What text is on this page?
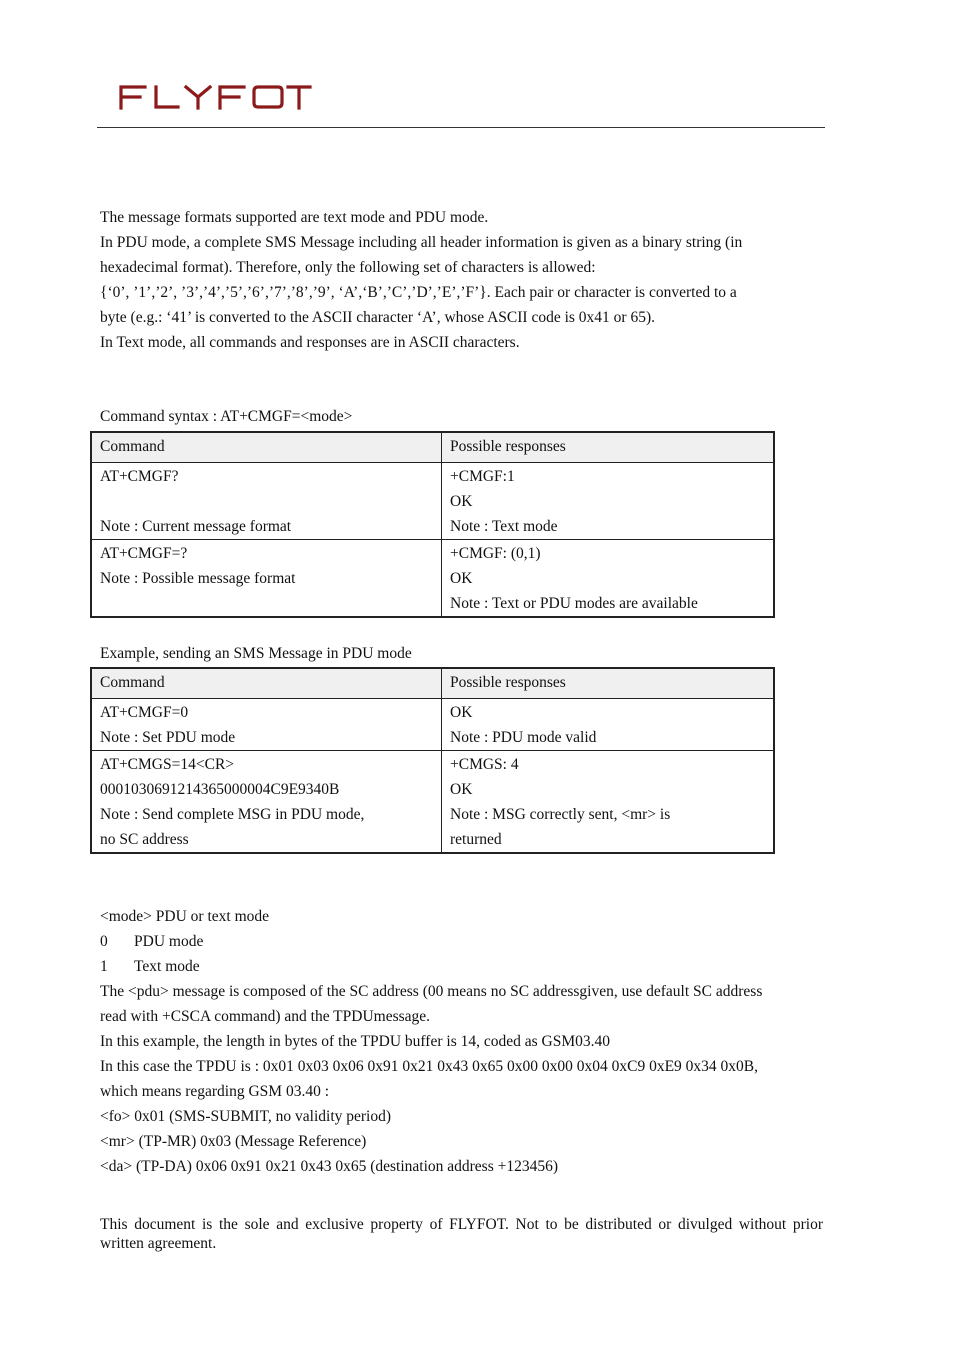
The message formats supported are text mode and PDU mode.

In PDU mode, a complete SMS Message including all header information is given as a binary string (in

hexadecimal format). Therefore, only the following set of characters is allowed:

{‘0’, ’1’,’2’, ’3’,’4’,’5’,’6’,’7’,’8’,’9’, ‘A’,‘B’,’C’,’D’,’E’,’F’}. Each pair or character is converted to a

byte (e.g.: ‘41’ is converted to the ASCII character ‘A’, whose ASCII code is 0x41 or 65).

In Text mode, all commands and responses are in ASCII characters.

Command syntax : AT+CMGF=<mode>
Command	Possible responses

AT+CMGF?
Note : Current message format	+CMGF:1
OK
Note : Text mode

AT+CMGF=?
Note : Possible message format	+CMGF: (0,1)
OK
Note : Text or PDU modes are available
Example, sending an SMS Message in PDU mode
Command	Possible responses

AT+CMGF=0
Note : Set PDU mode	OK
Note : PDU mode valid

AT+CMGS=14<CR>
0001030691214365000004C9E9340B
Note : Send complete MSG in PDU mode,
no SC address	+CMGS: 4
OK
Note : MSG correctly sent, <mr> is
returned

<mode> PDU or text mode

0 PDU mode

1 Text mode

The <pdu> message is composed of the SC address (00 means no SC addressgiven, use default SC address

read with +CSCA command) and the TPDUmessage.

In this example, the length in bytes of the TPDU buffer is 14, coded as GSM03.40

In this case the TPDU is : 0x01 0x03 0x06 0x91 0x21 0x43 0x65 0x00 0x00 0x04 0xC9 0xE9 0x34 0x0B,

which means regarding GSM 03.40 :

<fo> 0x01 (SMS-SUBMIT, no validity period)

<mr> (TP-MR) 0x03 (Message Reference)

<da> (TP-DA) 0x06 0x91 0x21 0x43 0x65 (destination address +123456)

This document is the sole and exclusive property of FLYFOT. Not to be distributed or divulged without prior written agreement.
